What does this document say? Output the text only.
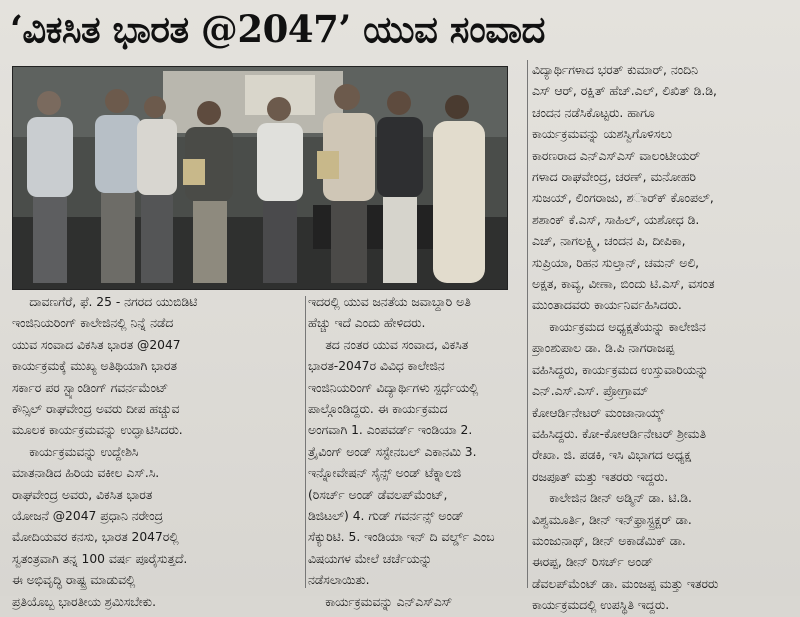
‘ವಿಕಸಿತ ಭಾರತ @2047’ ಯುವ ಸಂವಾದ
ದಾವಣಗೆರೆ, ಫೆ. 25 - ನಗರದ ಯುಬಿಡಿಟಿ
ಇಂಜಿನಿಯರಿಂಗ್ ಕಾಲೇಜಿನಲ್ಲಿ ನಿನ್ನೆ ನಡೆದ
ಯುವ ಸಂವಾದ ವಿಕಸಿತ ಭಾರತ @2047
ಕಾರ್ಯಕ್ರಮಕ್ಕೆ ಮುಖ್ಯ ಅತಿಥಿಯಾಗಿ ಭಾರತ
ಸರ್ಕಾರ ಪರ ಸ್ಟ್ಯಾಂಡಿಂಗ್ ಗವರ್ನಮೆಂಟ್
ಕೌನ್ಸಿಲ್ ರಾಘವೇಂದ್ರ ಅವರು ದೀಪ ಹಚ್ಚುವ
ಮೂಲಕ ಕಾರ್ಯಕ್ರಮವನ್ನು ಉದ್ಘಾಟಿಸಿದರು.
ಕಾರ್ಯಕ್ರಮವನ್ನು ಉದ್ದೇಶಿಸಿ
ಮಾತನಾಡಿದ ಹಿರಿಯ ವಕೀಲ ಎಸ್.ಸಿ.
ರಾಘವೇಂದ್ರ ಅವರು, ವಿಕಸಿತ ಭಾರತ
ಯೋಜನೆ @2047 ಪ್ರಧಾನಿ ನರೇಂದ್ರ
ಮೋದಿಯವರ ಕನಸು, ಭಾರತ 2047ರಲ್ಲಿ
ಸ್ವತಂತ್ರವಾಗಿ ತನ್ನ 100 ವರ್ಷ ಪೂರೈಸುತ್ತದೆ.
ಈ ಅಭಿವೃದ್ಧಿ ರಾಷ್ಟ್ರ ಮಾಡುವಲ್ಲಿ
ಪ್ರತಿಯೊಬ್ಬ ಭಾರತೀಯ ಶ್ರಮಿಸಬೇಕು.
ಇದರಲ್ಲಿ ಯುವ ಜನತೆಯ ಜವಾಬ್ದಾರಿ ಅತಿ
ಹೆಚ್ಚು ಇದೆ ಎಂದು ಹೇಳಿದರು.
ತದ ನಂತರ ಯುವ ಸಂವಾದ, ವಿಕಸಿತ
ಭಾರತ-2047ರ ವಿವಿಧ ಕಾಲೇಜಿನ
ಇಂಜಿನಿಯರಿಂಗ್ ವಿದ್ಯಾರ್ಥಿಗಳು ಸ್ಪರ್ಧೆಯಲ್ಲಿ
ಪಾಲ್ಗೊಂಡಿದ್ದರು. ಈ ಕಾರ್ಯಕ್ರಮದ
ಅಂಗವಾಗಿ 1. ಎಂಪವರ್ಡ್ ಇಂಡಿಯಾ 2.
ತ್ರೈವಿಂಗ್ ಅಂಡ್ ಸಸ್ಟೇನಬಲ್ ಎಕಾನಮಿ 3.
ಇನ್ನೋವೇಷನ್ ಸೈನ್ಸ್ ಅಂಡ್ ಟೆಕ್ನಾಲಜಿ
(ರಿಸರ್ಚ್ ಅಂಡ್ ಡೆವಲಪ್‌ಮೆಂಟ್,
ಡಿಜಿಟಲ್) 4. ಗುಡ್ ಗವರ್ನನ್ಸ್ ಅಂಡ್
ಸೆಕ್ಯುರಿಟಿ. 5. ಇಂಡಿಯಾ ಇನ್ ದಿ ವರ್ಲ್ಡ್ ಎಂಬ
ವಿಷಯಗಳ ಮೇಲೆ ಚರ್ಚೆಯನ್ನು
ನಡೆಸಲಾಯಿತು.
ಕಾರ್ಯಕ್ರಮವನ್ನು ಎನ್‌ಎಸ್‌ಎಸ್
ವಿದ್ಯಾರ್ಥಿಗಳಾದ ಭರತ್ ಕುಮಾರ್, ನಂದಿನಿ
ಎಸ್ ಆರ್, ರಕ್ಷಿತ್ ಹೆಚ್.ಎಲ್, ಲಿಖಿತ್ ಡಿ.ಡಿ,
ಚಂದನ ನಡೆಸಿಕೊಟ್ಟರು. ಹಾಗೂ
ಕಾರ್ಯಕ್ರಮವನ್ನು ಯಶಸ್ವಿಗೊಳಿಸಲು
ಕಾರಣರಾದ ಎನ್‌ಎಸ್‌ಎಸ್ ವಾಲಂಟೀಯರ್
ಗಳಾದ ರಾಘವೇಂದ್ರ, ಚರಣ್, ಮನೋಹರಿ
ಸುಜಯ್, ಲಿಂಗರಾಜು, ಶರ್ಾಕ್ ಕೊಂಪಲ್,
ಶಶಾಂಕ್ ಕೆ.ಎಸ್, ಸಾಹಿಲ್, ಯಶೋಧ ಡಿ.
ಎಚ್, ನಾಗಲಕ್ಷ್ಮಿ, ಚಂದನ ಪಿ, ದೀಪಿಕಾ,
ಸುಪ್ರಿಯಾ, ರಿಹನ ಸುಲ್ತಾನ್, ಚಮನ್ ಅಲಿ,
ಅಕ್ಷತ, ಕಾವ್ಯ, ವೀಣಾ, ಬಿಂದು ಟಿ.ಎಸ್, ವಸಂತ
ಮುಂತಾದವರು ಕಾರ್ಯನಿರ್ವಹಿಸಿದರು.
ಕಾರ್ಯಕ್ರಮದ ಅಧ್ಯಕ್ಷತೆಯನ್ನು ಕಾಲೇಜಿನ
ಪ್ರಾಂಶುಪಾಲ ಡಾ. ಡಿ.ಪಿ ನಾಗರಾಜಪ್ಪ
ವಹಿಸಿದ್ದರು, ಕಾರ್ಯಕ್ರಮದ ಉಸ್ತುವಾರಿಯನ್ನು
ಎನ್.ಎಸ್.ಎಸ್. ಪ್ರೋಗ್ರಾಮ್
ಕೋಆರ್ಡಿನೇಟರ್ ಮಂಜಾನಾಯ್ಕ್
ವಹಿಸಿದ್ದರು. ಕೋ-ಕೋಆರ್ಡಿನೇಟರ್ ಶ್ರೀಮತಿ
ರೇಖಾ. ಜಿ. ಪಡಕಿ, ಇಸಿ ವಿಭಾಗದ ಅಧ್ಯಕ್ಷ
ರಜಪೂತ್ ಮತ್ತು ಇತರರು ಇದ್ದರು.
ಕಾಲೇಜಿನ ಡೀನ್ ಅಡ್ಮಿನ್ ಡಾ. ಟಿ.ಡಿ.
ವಿಶ್ವಮೂರ್ತಿ, ಡೀನ್ ಇನ್‌ಫ್ರಾಸ್ಟ್ರಕ್ಚರ್ ಡಾ.
ಮಂಜುನಾಥ್, ಡೀನ್ ಅಕಾಡೆಮಿಕ್ ಡಾ.
ಈರಪ್ಪ, ಡೀನ್ ರಿಸರ್ಚ್ ಅಂಡ್
ಡೆವಲಪ್‌ಮೆಂಟ್ ಡಾ. ಮಂಜಪ್ಪ ಮತ್ತು ಇತರರು
ಕಾರ್ಯಕ್ರಮದಲ್ಲಿ ಉಪಸ್ಥಿತಿ ಇದ್ದರು.
